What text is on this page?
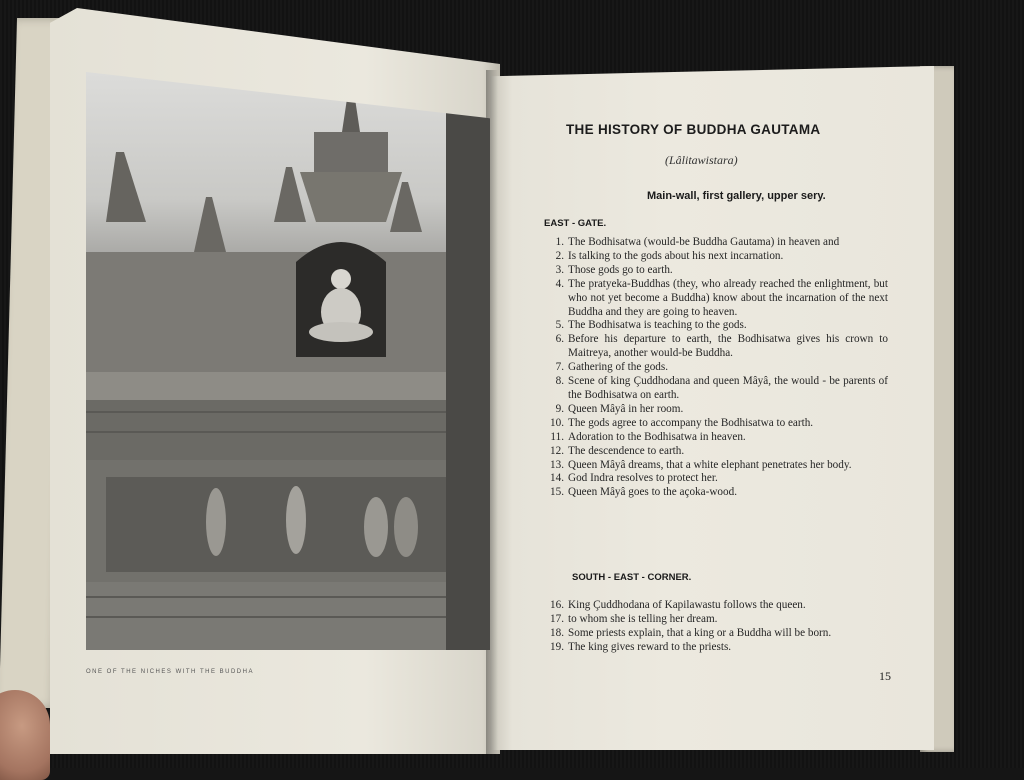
ONE OF THE NICHES WITH THE BUDDHA
THE HISTORY OF BUDDHA GAUTAMA
(Lâlitawistara)
Main-wall, first gallery, upper sery.
EAST - GATE.
1. The Bodhisatwa (would-be Buddha Gautama) in heaven and
2. Is talking to the gods about his next incarnation.
3. Those gods go to earth.
4. The pratyeka-Buddhas (they, who already reached the enlightment, but who not yet become a Buddha) know about the incarnation of the next Buddha and they are going to heaven.
5. The Bodhisatwa is teaching to the gods.
6. Before his departure to earth, the Bodhisatwa gives his crown to Maitreya, another would-be Buddha.
7. Gathering of the gods.
8. Scene of king Çuddhodana and queen Mâyâ, the would - be parents of the Bodhisatwa on earth.
9. Queen Mâyâ in her room.
10. The gods agree to accompany the Bodhisatwa to earth.
11. Adoration to the Bodhisatwa in heaven.
12. The descendence to earth.
13. Queen Mâyâ dreams, that a white elephant penetrates her body.
14. God Indra resolves to protect her.
15. Queen Mâyâ goes to the açoka-wood.
SOUTH - EAST - CORNER.
16. King Çuddhodana of Kapilawastu follows the queen.
17. to whom she is telling her dream.
18. Some priests explain, that a king or a Buddha will be born.
19. The king gives reward to the priests.
15
